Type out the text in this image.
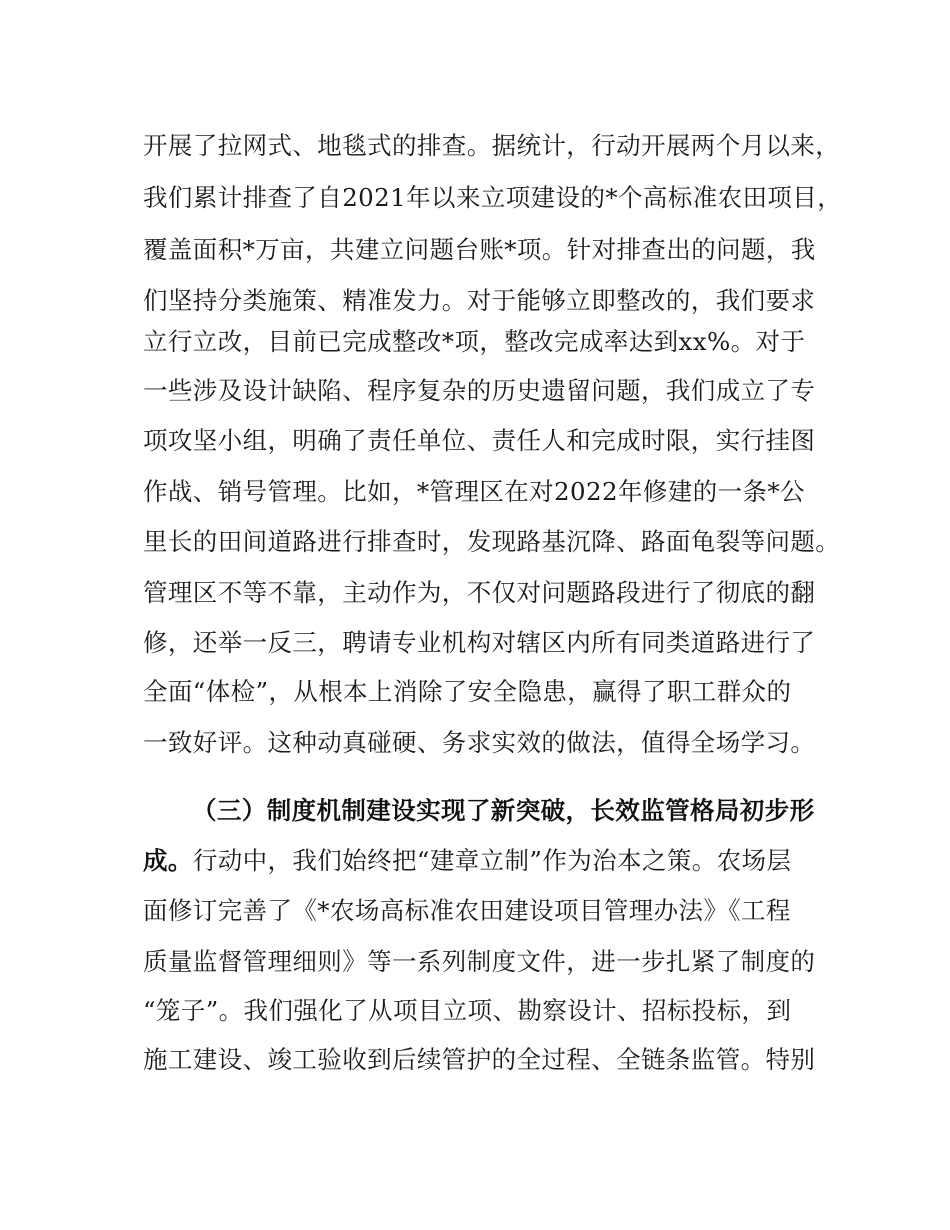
开展了拉网式、地毯式的排查。据统计，行动开展两个月以来，
我们累计排查了自2021年以来立项建设的*个高标准农田项目，
覆盖面积*万亩，共建立问题台账*项。针对排查出的问题，我
们坚持分类施策、精准发力。对于能够立即整改的，我们要求
立行立改，目前已完成整改*项，整改完成率达到xx%。对于
一些涉及设计缺陷、程序复杂的历史遗留问题，我们成立了专
项攻坚小组，明确了责任单位、责任人和完成时限，实行挂图
作战、销号管理。比如，*管理区在对2022年修建的一条*公
里长的田间道路进行排查时，发现路基沉降、路面龟裂等问题。
管理区不等不靠，主动作为，不仅对问题路段进行了彻底的翻
修，还举一反三，聘请专业机构对辖区内所有同类道路进行了
全面“体检”，从根本上消除了安全隐患，赢得了职工群众的
一致好评。这种动真碰硬、务求实效的做法，值得全场学习。
（三）制度机制建设实现了新突破，长效监管格局初步形
成。行动中，我们始终把“建章立制”作为治本之策。农场层
面修订完善了《*农场高标准农田建设项目管理办法》《工程
质量监督管理细则》等一系列制度文件，进一步扎紧了制度的
“笼子”。我们强化了从项目立项、勘察设计、招标投标，到
施工建设、竣工验收到后续管护的全过程、全链条监管。特别
